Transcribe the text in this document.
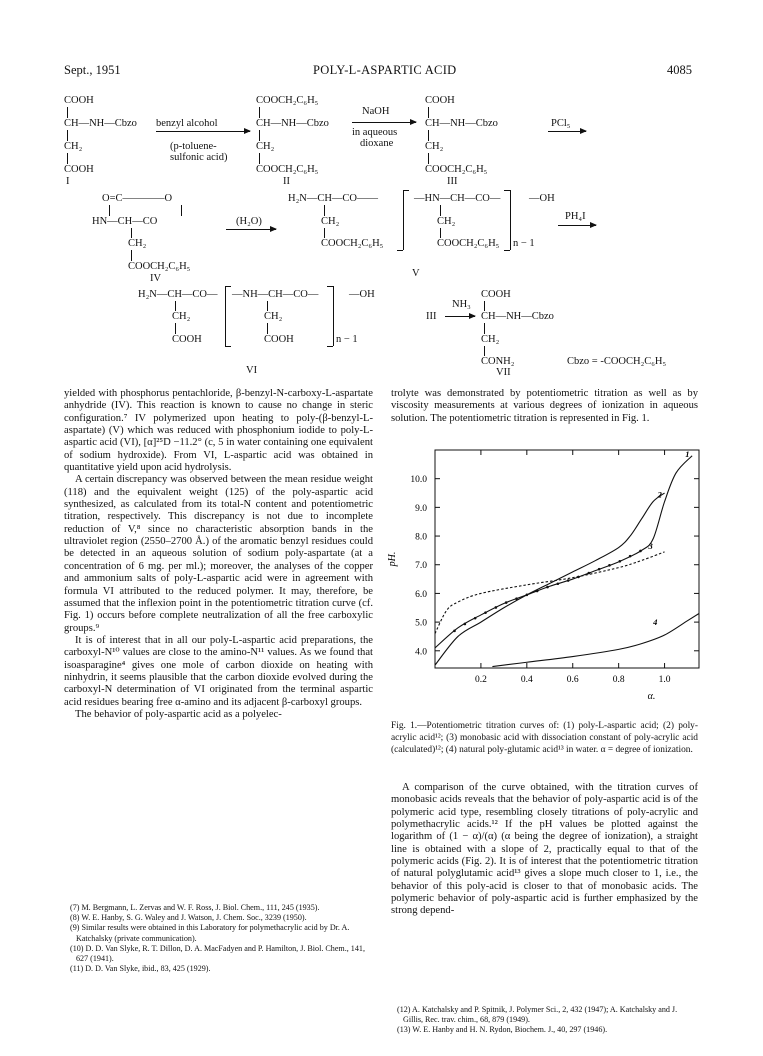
Sept., 1951	POLY-L-ASPARTIC ACID	4085
COOH
CH—NH—Cbzo
CH₂
COOH
I
benzyl alcohol
(p-toluene-
sulfonic acid)
COOCH₂C₆H₅
CH—NH—Cbzo
CH₂
COOCH₂C₆H₅
II
NaOH
in aqueous
dioxane
COOH
CH—NH—Cbzo
CH₂
COOCH₂C₆H₅
III
PCl₅
O=C————O
HN—CH—CO
CH₂
COOCH₂C₆H₅
IV
(H₂O)
H₂N—CH—CO——	—HN—CH—CO—	—OH
CH₂
COOCH₂C₆H₅
CH₂
COOCH₂C₆H₅ n − 1
V
PH₄I
H₂N—CH—CO— —NH—CH—CO—	—OH
CH₂
COOH
CH₂
COOH	n − 1
VI
III
NH₃
COOH
CH—NH—Cbzo
CH₂
CONH₂
VII
Cbzo = -COOCH₂C₆H₅

yielded with phosphorus pentachloride, β-benzyl-N-carboxy-L-aspartate anhydride (IV). This reaction is known to cause no change in steric configuration.⁷ IV polymerized upon heating to poly-(β-benzyl-L-aspartate) (V) which was reduced with phosphonium iodide to poly-L-aspartic acid (VI), [α]²⁵D −11.2° (c, 5 in water containing one equivalent of sodium hydroxide). From VI, L-aspartic acid was obtained in quantitative yield upon acid hydrolysis.

A certain discrepancy was observed between the mean residue weight (118) and the equivalent weight (125) of the poly-aspartic acid synthesized, as calculated from its total-N content and potentiometric titration, respectively. This discrepancy is not due to incomplete reduction of V,⁸ since no characteristic absorption bands in the ultraviolet region (2550–2700 Å.) of the aromatic benzyl residues could be detected in an aqueous solution of sodium poly-aspartate (at a concentration of 6 mg. per ml.); moreover, the analyses of the copper and ammonium salts of poly-L-aspartic acid were in agreement with formula VI attributed to the reduced polymer. It may, therefore, be assumed that the inflexion point in the potentiometric titration curve (cf. Fig. 1) occurs before complete neutralization of all the free carboxylic groups.⁹

It is of interest that in all our poly-L-aspartic acid preparations, the carboxyl-N¹⁰ values are close to the amino-N¹¹ values. As we found that isoasparagine⁴ gives one mole of carbon dioxide on heating with ninhydrin, it seems plausible that the carbon dioxide evolved during the carboxyl-N determination of VI originated from the terminal aspartic acid residues bearing free α-amino and its adjacent β-carboxyl groups.

The behavior of poly-aspartic acid as a polyelec-

(7) M. Bergmann, L. Zervas and W. F. Ross, J. Biol. Chem., 111, 245 (1935).
(8) W. E. Hanby, S. G. Waley and J. Watson, J. Chem. Soc., 3239 (1950).
(9) Similar results were obtained in this Laboratory for polymethacrylic acid by Dr. A. Katchalsky (private communication).
(10) D. D. Van Slyke, R. T. Dillon, D. A. MacFadyen and P. Hamilton, J. Biol. Chem., 141, 627 (1941).
(11) D. D. Van Slyke, ibid., 83, 425 (1929).

trolyte was demonstrated by potentiometric titration as well as by viscosity measurements at various degrees of ionization in aqueous solution. The potentiometric titration is represented in Fig. 1.

4.0
5.0
6.0
7.0
8.0
9.0
10.0
0.2	0.4	0.6	0.8	1.0
pH.
α.
1
2
3
4
Fig. 1.—Potentiometric titration curves of: (1) poly-L-aspartic acid; (2) poly-acrylic acid¹²; (3) monobasic acid with dissociation constant of poly-acrylic acid (calculated)¹²; (4) natural poly-glutamic acid¹³ in water. α = degree of ionization.

A comparison of the curve obtained, with the titration curves of monobasic acids reveals that the behavior of poly-aspartic acid is of the polymeric acid type, resembling closely titrations of poly-acrylic and polymethacrylic acids.¹² If the pH values be plotted against the logarithm of (1 − α)/(α) (α being the degree of ionization), a straight line is obtained with a slope of 2, practically equal to that of the polymeric acids (Fig. 2). It is of interest that the potentiometric titration of natural polyglutamic acid¹³ gives a slope much closer to 1, i.e., the behavior of this poly-acid is closer to that of monobasic acids. The polymeric behavior of poly-aspartic acid is further emphasized by the strong depend-

(12) A. Katchalsky and P. Spitnik, J. Polymer Sci., 2, 432 (1947); A. Katchalsky and J. Gillis, Rec. trav. chim., 68, 879 (1949).
(13) W. E. Hanby and H. N. Rydon, Biochem. J., 40, 297 (1946).
